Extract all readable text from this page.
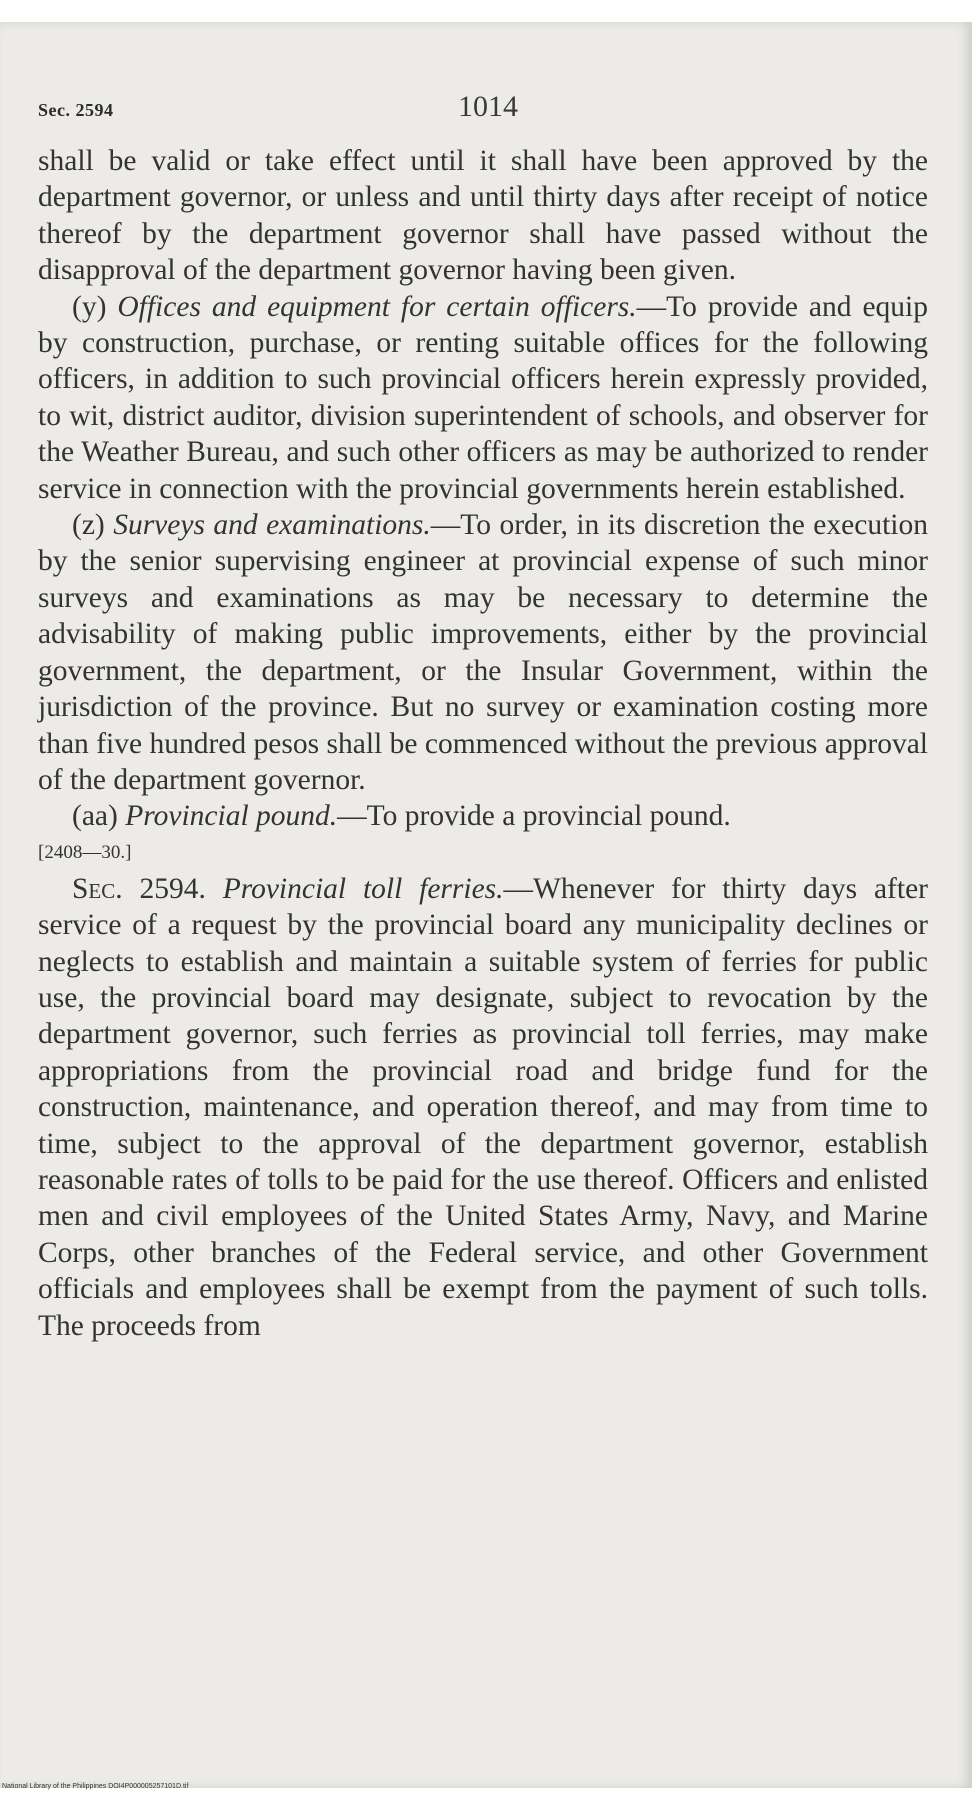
Sec. 2594	1014

shall be valid or take effect until it shall have been approved by the department governor, or unless and until thirty days after receipt of notice thereof by the department governor shall have passed without the disapproval of the department governor having been given.

(y) Offices and equipment for certain officers.—To provide and equip by construction, purchase, or renting suitable offices for the following officers, in addition to such provincial officers herein expressly provided, to wit, district auditor, division superintendent of schools, and observer for the Weather Bureau, and such other officers as may be authorized to render service in connection with the provincial governments herein established.

(z) Surveys and examinations.—To order, in its discretion the execution by the senior supervising engineer at provincial expense of such minor surveys and examinations as may be necessary to determine the advisability of making public improvements, either by the provincial government, the department, or the Insular Government, within the jurisdiction of the province. But no survey or examination costing more than five hundred pesos shall be commenced without the previous approval of the department governor.

(aa) Provincial pound.—To provide a provincial pound.

[2408—30.]

Sec. 2594. Provincial toll ferries.—Whenever for thirty days after service of a request by the provincial board any municipality declines or neglects to establish and maintain a suitable system of ferries for public use, the provincial board may designate, subject to revocation by the department governor, such ferries as provincial toll ferries, may make appropriations from the provincial road and bridge fund for the construction, maintenance, and operation thereof, and may from time to time, subject to the approval of the department governor, establish reasonable rates of tolls to be paid for the use thereof. Officers and enlisted men and civil employees of the United States Army, Navy, and Marine Corps, other branches of the Federal service, and other Government officials and employees shall be exempt from the payment of such tolls. The proceeds from

National Library of the Philippines DOI4P000005257101D.tif
